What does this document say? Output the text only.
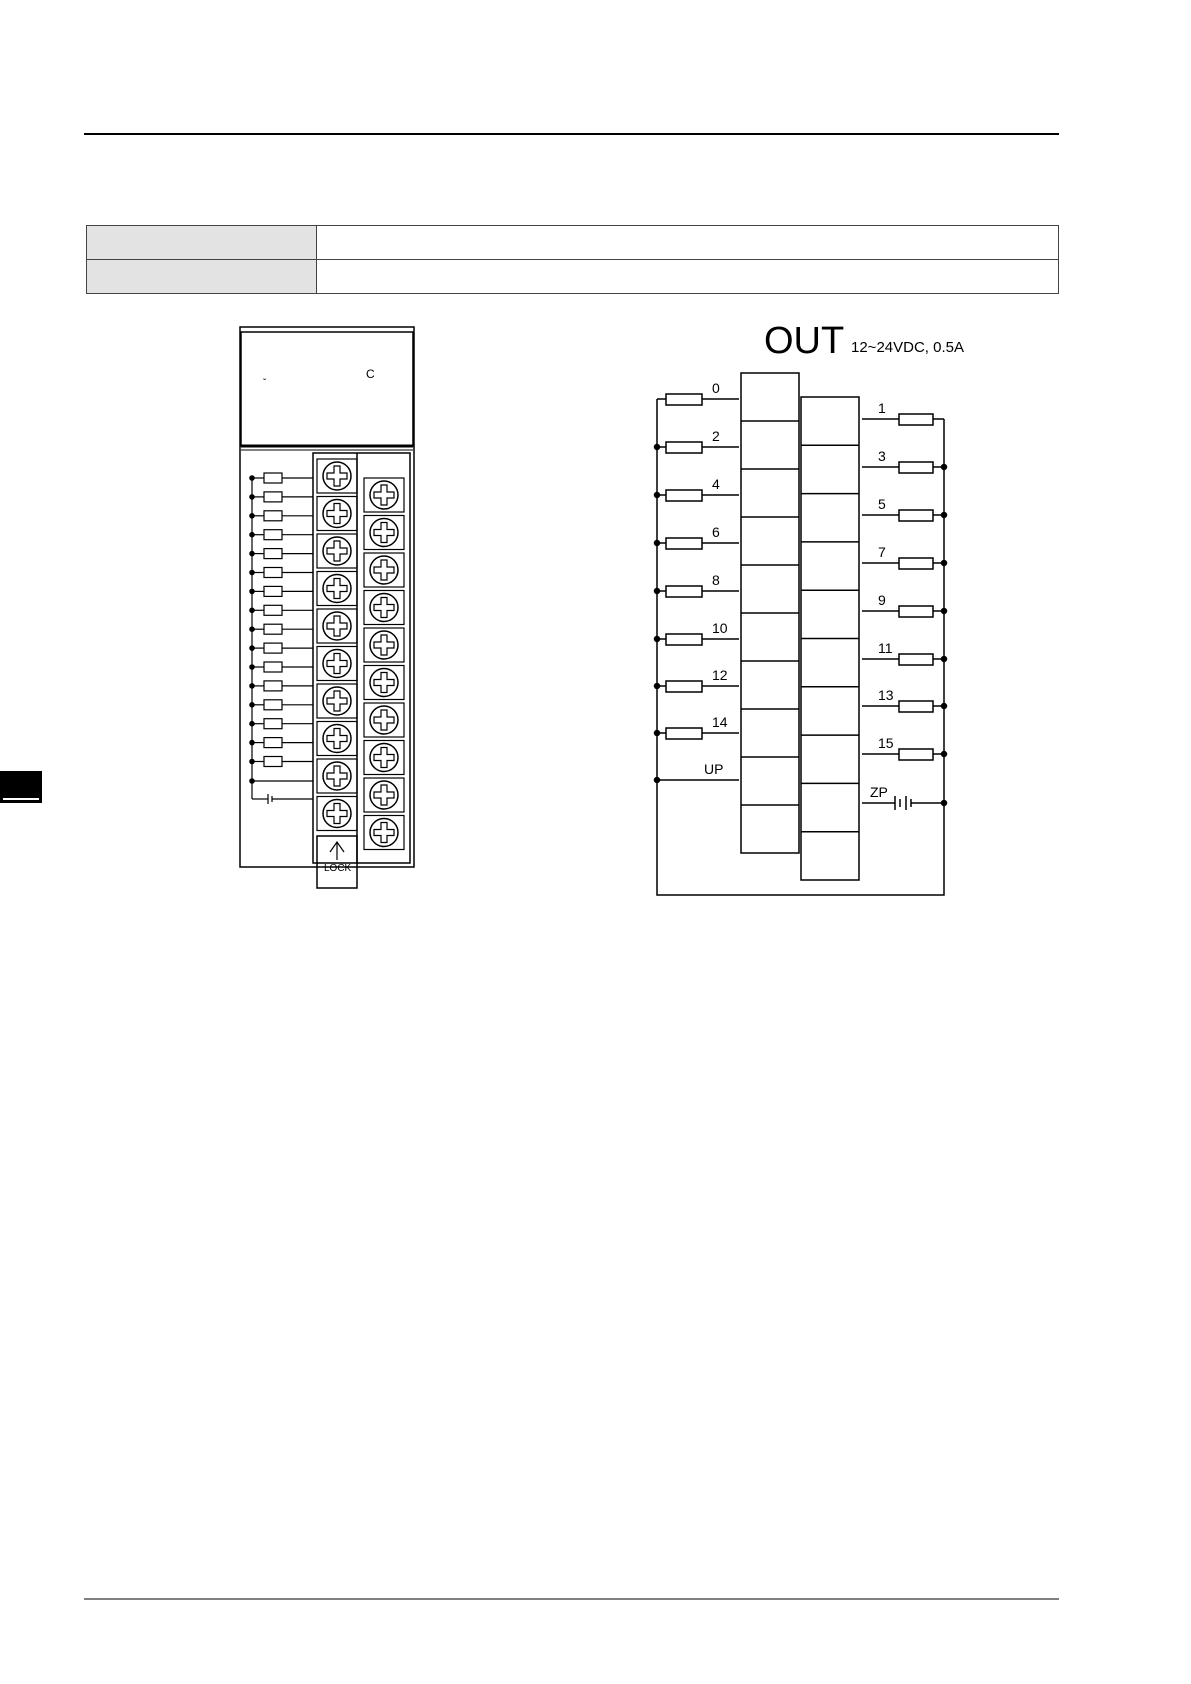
ˬ	C
LOCK
OUT 12~24VDC, 0.5A
0
2
4
6
8
10
12
14
UP
1
3
5
7
9
11
13
15
ZP
